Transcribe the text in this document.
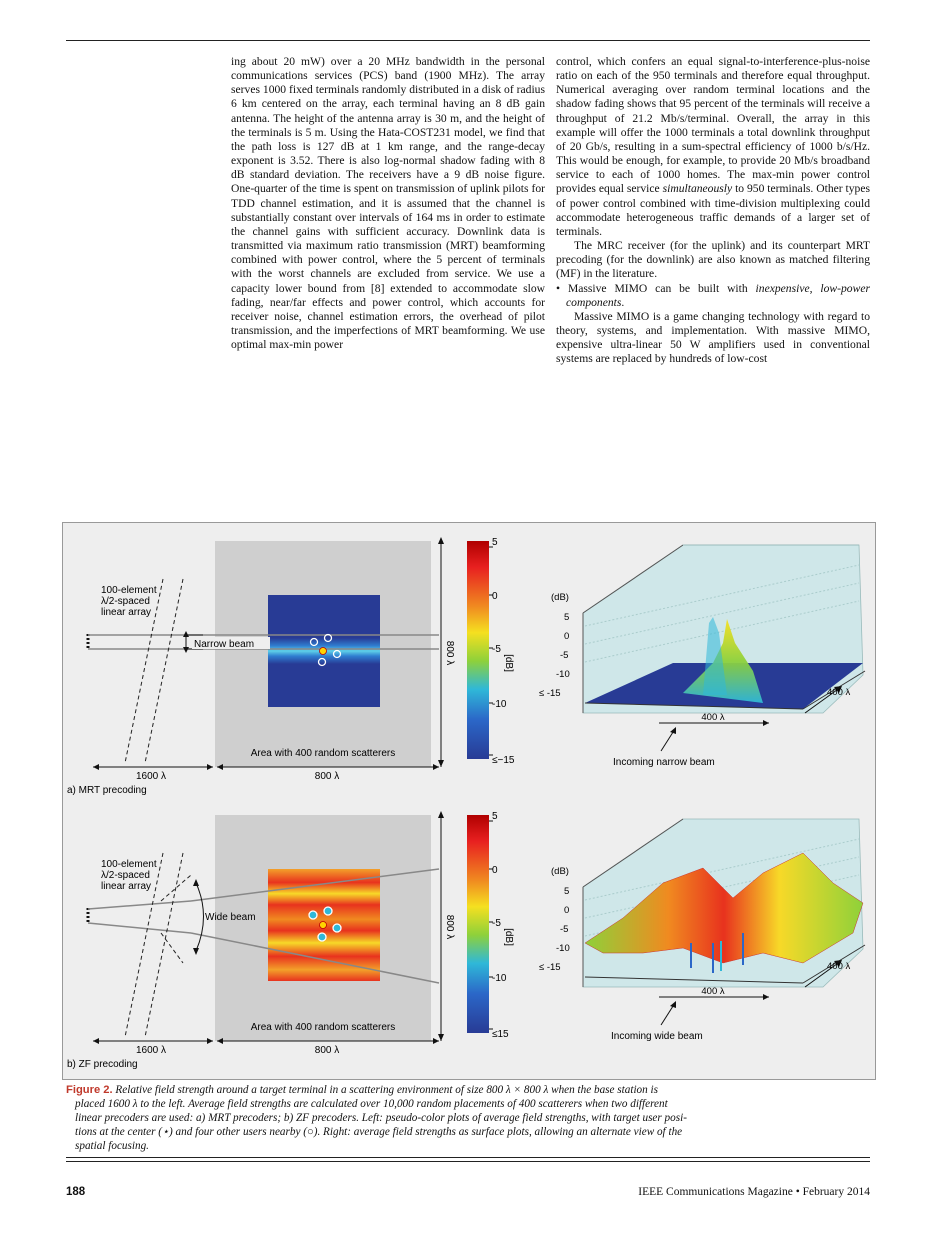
ing about 20 mW) over a 20 MHz bandwidth in the personal communications services (PCS) band (1900 MHz). The array serves 1000 fixed terminals randomly distributed in a disk of radius 6 km centered on the array, each terminal having an 8 dB gain antenna. The height of the antenna array is 30 m, and the height of the terminals is 5 m. Using the Hata-COST231 model, we find that the path loss is 127 dB at 1 km range, and the range-decay exponent is 3.52. There is also log-normal shadow fading with 8 dB standard deviation. The receivers have a 9 dB noise figure. One-quarter of the time is spent on transmission of uplink pilots for TDD channel estimation, and it is assumed that the channel is substantially constant over intervals of 164 ms in order to estimate the channel gains with sufficient accuracy. Downlink data is transmitted via maximum ratio transmission (MRT) beamforming combined with power control, where the 5 percent of terminals with the worst channels are excluded from service. We use a capacity lower bound from [8] extended to accommodate slow fading, near/far effects and power control, which accounts for receiver noise, channel estimation errors, the overhead of pilot transmission, and the imperfections of MRT beamforming. We use optimal max-min power

control, which confers an equal signal-to-interference-plus-noise ratio on each of the 950 terminals and therefore equal throughput. Numerical averaging over random terminal locations and the shadow fading shows that 95 percent of the terminals will receive a throughput of 21.2 Mb/s/terminal. Overall, the array in this example will offer the 1000 terminals a total downlink throughput of 20 Gb/s, resulting in a sum-spectral efficiency of 1000 b/s/Hz. This would be enough, for example, to provide 20 Mb/s broadband service to each of 1000 homes. The max-min power control provides equal service simultaneously to 950 terminals. Other types of power control combined with time-division multiplexing could accommodate heterogeneous traffic demands of a larger set of terminals.

The MRC receiver (for the uplink) and its counterpart MRT precoding (for the downlink) are also known as matched filtering (MF) in the literature.

• Massive MIMO can be built with inexpensive, low-power components.

Massive MIMO is a game changing technology with regard to theory, systems, and implementation. With massive MIMO, expensive ultra-linear 50 W amplifiers used in conventional systems are replaced by hundreds of low-cost

100-element
λ/2-spaced
linear array
Narrow beam
Area with 400 random scatterers
1600 λ	800 λ
800 λ
a) MRT precoding
5
0
-5
-10
≤−15
[dB]
(dB)
5
0
-5
-10
≤ -15
400 λ
400 λ
Incoming narrow beam
100-element
λ/2-spaced
linear array
Wide beam
Area with 400 random scatterers
1600 λ	800 λ
800 λ
b) ZF precoding
5
0
-5
-10
≤15
[dB]
(dB)
5
0
-5
-10
≤ -15
400 λ
400 λ
Incoming wide beam
Figure 2. Relative field strength around a target terminal in a scattering environment of size 800 λ × 800 λ when the base station is
placed 1600 λ to the left. Average field strengths are calculated over 10,000 random placements of 400 scatterers when two different
linear precoders are used: a) MRT precoders; b) ZF precoders. Left: pseudo-color plots of average field strengths, with target user posi-
tions at the center (⋆) and four other users nearby (○). Right: average field strengths as surface plots, allowing an alternate view of the
spatial focusing.
188	IEEE Communications Magazine • February 2014
